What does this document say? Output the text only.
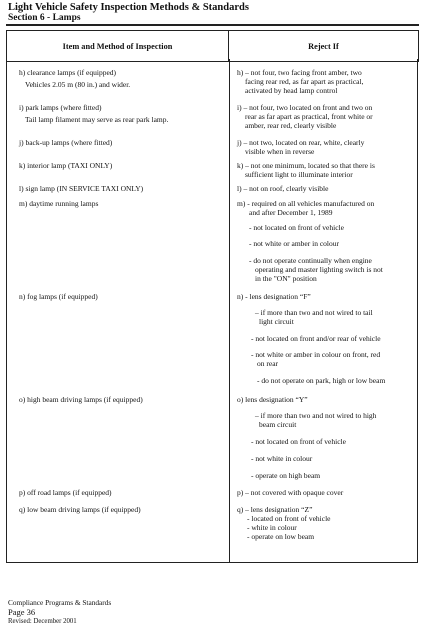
Light Vehicle Safety Inspection Methods & Standards
Section 6 - Lamps
Item and Method of Inspection	Reject If
h) clearance lamps (if equipped)	h) – not four, two facing front amber, two
Vehicles 2.05 m (80 in.) and wider.	facing rear red, as far apart as practical,
activated by head lamp control
i) park lamps (where fitted)	i) – not four, two located on front and two on
Tail lamp filament may serve as rear park lamp.	rear as far apart as practical, front white or
amber, rear red, clearly visible
j) back-up lamps (where fitted)	j) – not two, located on rear, white, clearly
visible when in reverse
k) interior lamp (TAXI ONLY)	k) – not one minimum, located so that there is
sufficient light to illuminate interior
l) sign lamp (IN SERVICE TAXI ONLY)	l) – not on roof, clearly visible
m) daytime running lamps	m) - required on all vehicles manufactured on
and after December 1, 1989
- not located on front of vehicle
- not white or amber in colour
- do not operate continually when engine
operating and master lighting switch is not
in the "ON" position
n) fog lamps (if equipped)	n) - lens designation “F”
– if more than two and not wired to tail
light circuit
- not located on front and/or rear of vehicle
- not white or amber in colour on front, red
on rear
- do not operate on park, high or low beam
o) high beam driving lamps (if equipped)	o) lens designation “Y”
– if more than two and not wired to high
beam circuit
- not located on front of vehicle
- not white in colour
- operate on high beam
p) off road lamps (if equipped)	p) – not covered with opaque cover
q) low beam driving lamps (if equipped)	q) – lens designation “Z”
- located on front of vehicle
- white in colour
- operate on low beam
Compliance Programs & Standards
Page 36
Revised: December 2001
